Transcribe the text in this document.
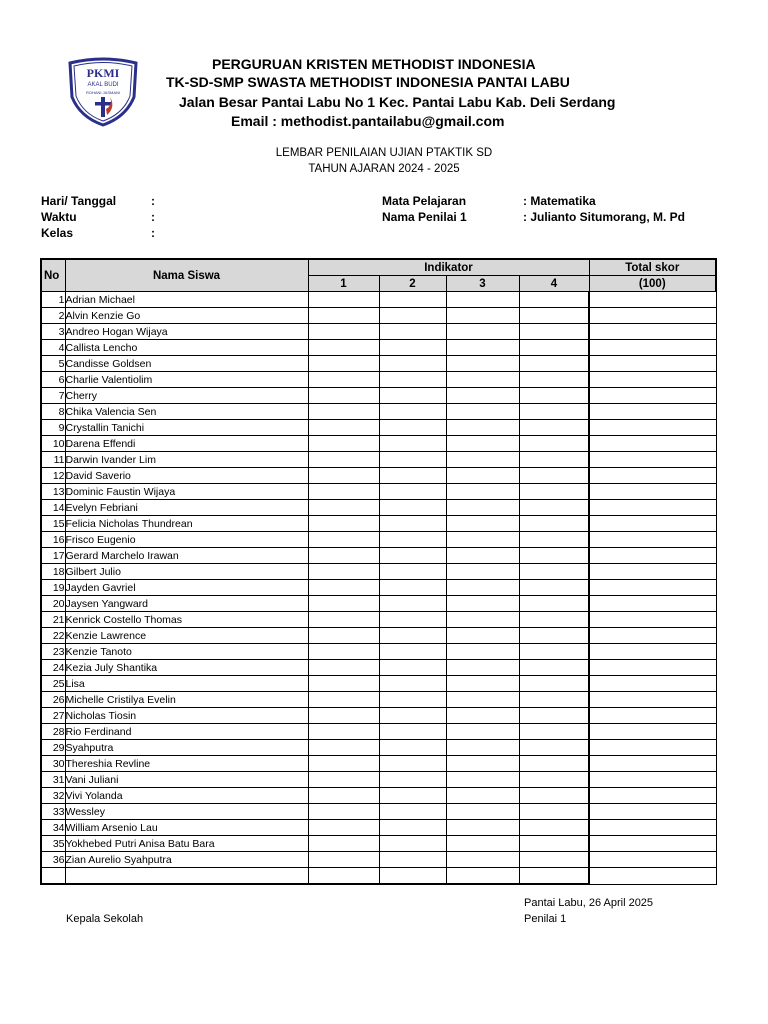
PKMI
AKAL BUDI
ROHANI JASMANI
PERGURUAN KRISTEN METHODIST INDONESIA
TK-SD-SMP SWASTA METHODIST INDONESIA PANTAI LABU
Jalan Besar Pantai Labu No 1 Kec. Pantai Labu Kab. Deli Serdang
Email : methodist.pantailabu@gmail.com
LEMBAR PENILAIAN UJIAN PTAKTIK SD
TAHUN AJARAN 2024 - 2025
Hari/ Tanggal	:
Waktu	:
Kelas	:
Mata Pelajaran	: Matematika
Nama Penilai 1	: Julianto Situmorang, M. Pd
No	Nama Siswa	Indikator				Total skor
		1	2	3	4	(100)
1	Adrian Michael					
2	Alvin Kenzie Go					
3	Andreo Hogan Wijaya					
4	Callista Lencho					
5	Candisse Goldsen					
6	Charlie Valentiolim					
7	Cherry					
8	Chika Valencia Sen					
9	Crystallin Tanichi					
10	Darena Effendi					
11	Darwin Ivander Lim					
12	David Saverio					
13	Dominic Faustin Wijaya					
14	Evelyn Febriani					
15	Felicia Nicholas Thundrean					
16	Frisco Eugenio					
17	Gerard Marchelo Irawan					
18	Gilbert Julio					
19	Jayden Gavriel					
20	Jaysen Yangward					
21	Kenrick Costello Thomas					
22	Kenzie Lawrence					
23	Kenzie Tanoto					
24	Kezia July Shantika					
25	Lisa					
26	Michelle Cristilya Evelin					
27	Nicholas Tiosin					
28	Rio Ferdinand					
29	Syahputra					
30	Thereshia Revline					
31	Vani Juliani					
32	Vivi Yolanda					
33	Wessley					
34	William Arsenio Lau					
35	Yokhebed Putri Anisa Batu Bara					
36	Zian Aurelio Syahputra					

Pantai Labu, 26 April 2025
Kepala Sekolah	Penilai 1
